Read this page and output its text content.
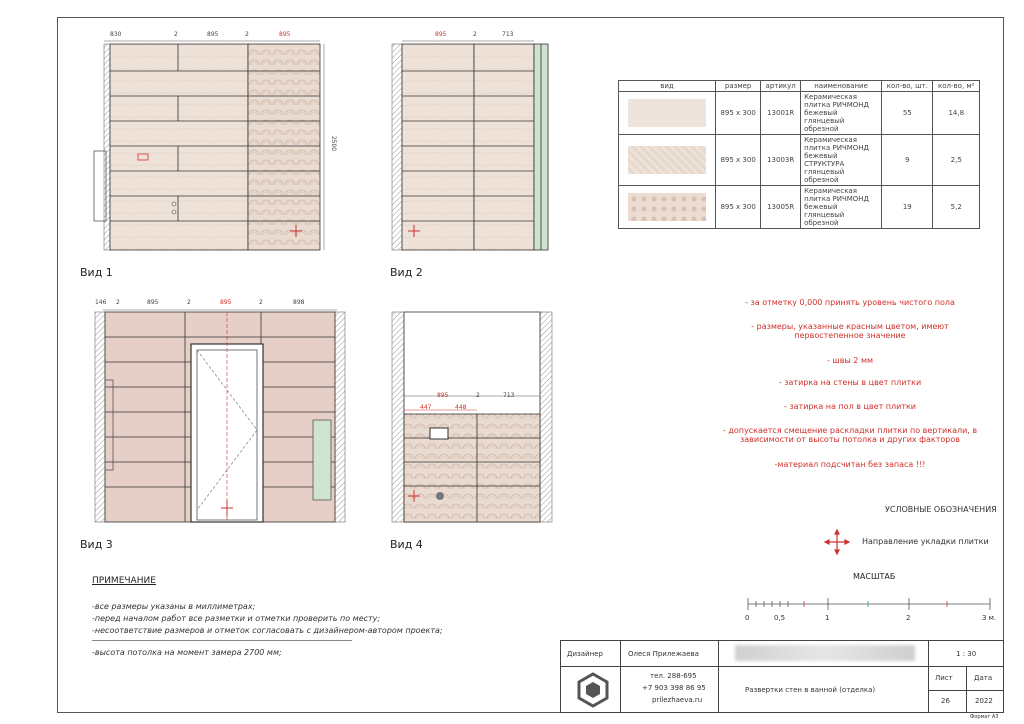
830	2	895	2	895
2500
Вид 1
895	2	713
Вид 2
вид	размер	артикул	наименование	кол-во, шт.	кол-во, м²

	895 х 300	13001R	Керамическая плитка РИЧМОНД бежевый глянцевый обрезной	55	14,8

	895 х 300	13003R	Керамическая плитка РИЧМОНД бежевый СТРУКТУРА глянцевый обрезной	9	2,5

	895 х 300	13005R	Керамическая плитка РИЧМОНД бежевый глянцевый обрезной	19	5,2
146 2	895	2	895	2	898
Вид 3
895	2	713
447	448
Вид 4
- за отметку 0,000 принять уровень чистого пола
- размеры, указанные красным цветом, имеют первостепенное значение
- швы 2 мм
- затирка на стены в цвет плитки
- затирка на пол в цвет плитки
- допускается смещение раскладки плитки по вертикали, в зависимости от высоты потолка и других факторов
-материал подсчитан без запаса !!!
УСЛОВНЫЕ ОБОЗНАЧЕНИЯ
Направление укладки плитки
МАСШТАБ
0	0,5	1	2	3 м.
ПРИМЕЧАНИЕ
-все размеры указаны в миллиметрах;
-перед началом работ все разметки и отметки проверить по месту;
-несоответствие размеров и отметок согласовать с дизайнером-автором проекта;
-высота потолка на момент замера 2700 мм;	Дизайнер	Олеся Прилежаева	1 : 30
тел. 288-695
+7 903 398 86 95
prilezhaeva.ru
Развертки стен в ванной (отделка)
Лист	Дата
26	2022
Формат А3
